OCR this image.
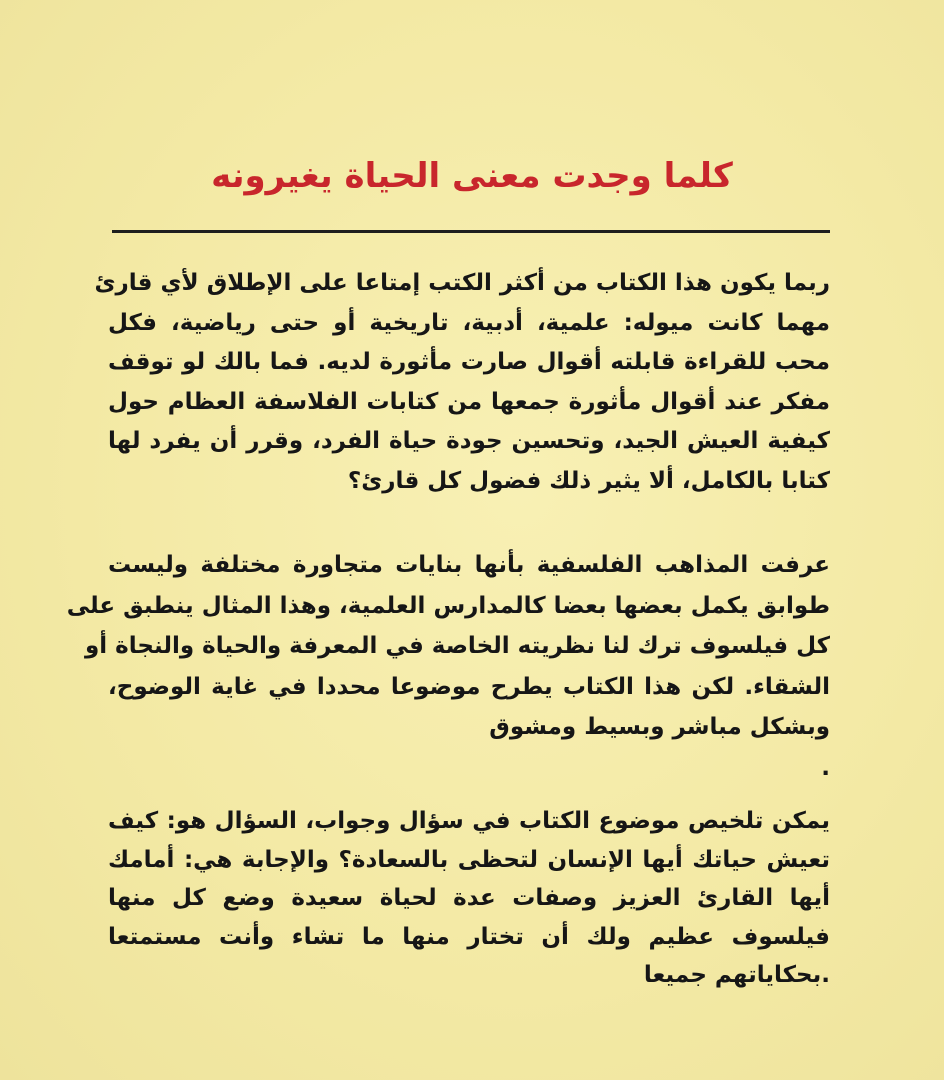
كلما وجدت معنى الحياة يغيرونه

ربما يكون هذا الكتاب من أكثر الكتب إمتاعا على الإطلاق لأي قارئ
مهما كانت ميوله: علمية، أدبية، تاريخية أو حتى رياضية، فكل
محب للقراءة قابلته أقوال صارت مأثورة لديه. فما بالك لو توقف
مفكر عند أقوال مأثورة جمعها من كتابات الفلاسفة العظام حول
كيفية العيش الجيد، وتحسين جودة حياة الفرد، وقرر أن يفرد لها
كتابا بالكامل، ألا يثير ذلك فضول كل قارئ؟

عرفت المذاهب الفلسفية بأنها بنايات متجاورة مختلفة وليست
طوابق يكمل بعضها بعضا كالمدارس العلمية، وهذا المثال ينطبق على
كل فيلسوف ترك لنا نظريته الخاصة في المعرفة والحياة والنجاة أو
الشقاء. لكن هذا الكتاب يطرح موضوعا محددا في غاية الوضوح،
وبشكل مباشر وبسيط ومشوق
.

يمكن تلخيص موضوع الكتاب في سؤال وجواب، السؤال هو: كيف
تعيش حياتك أيها الإنسان لتحظى بالسعادة؟ والإجابة هي: أمامك
أيها القارئ العزيز وصفات عدة لحياة سعيدة وضع كل منها
فيلسوف عظيم ولك أن تختار منها ما تشاء وأنت مستمتعا
.بحكاياتهم جميعا
